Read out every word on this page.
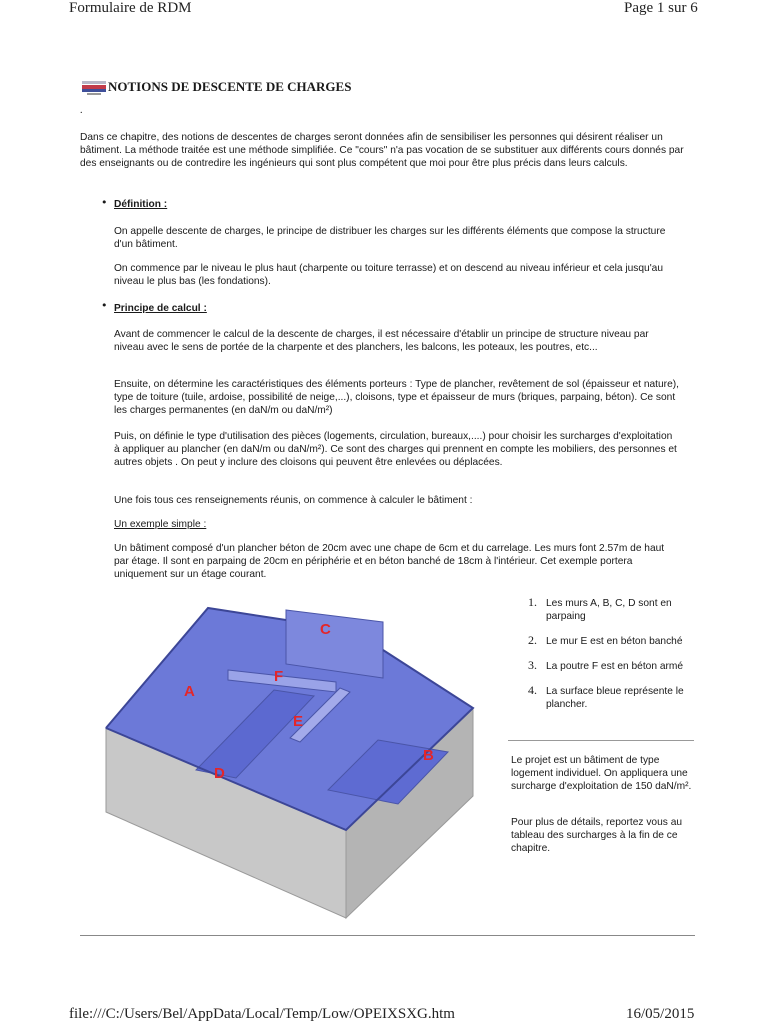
Formulaire de RDM	Page 1 sur 6
NOTIONS DE DESCENTE DE CHARGES
.
Dans ce chapitre, des notions de descentes de charges seront données afin de sensibiliser les personnes qui désirent réaliser un bâtiment. La méthode traitée est une méthode simplifiée. Ce "cours" n'a pas vocation de se substituer aux différents cours donnés par des enseignants ou de contredire les ingénieurs qui sont plus compétent que moi pour être plus précis dans leurs calculs.
• Définition :
On appelle descente de charges, le principe de distribuer les charges sur les différents éléments que compose la structure d'un bâtiment.
On commence par le niveau le plus haut (charpente ou toiture terrasse) et on descend au niveau inférieur et cela jusqu'au niveau le plus bas (les fondations).
• Principe de calcul :
Avant de commencer le calcul de la descente de charges, il est nécessaire d'établir un principe de structure niveau par niveau avec le sens de portée de la charpente et des planchers, les balcons, les poteaux, les poutres, etc...
Ensuite, on détermine les caractéristiques des éléments porteurs : Type de plancher, revêtement de sol (épaisseur et nature), type de toiture (tuile, ardoise, possibilité de neige,...), cloisons, type et épaisseur de murs (briques, parpaing, béton). Ce sont les charges permanentes (en daN/m ou daN/m²)
Puis, on définie le type d'utilisation des pièces (logements, circulation, bureaux,....) pour choisir les surcharges d'exploitation à appliquer au plancher (en daN/m ou daN/m²). Ce sont des charges qui prennent en compte les mobiliers, des personnes et autres objets . On peut y inclure des cloisons qui peuvent être enlevées ou déplacées.
Une fois tous ces renseignements réunis, on commence à calculer le bâtiment :
Un exemple simple :
Un bâtiment composé d'un plancher béton de 20cm avec une chape de 6cm et du carrelage. Les murs font 2.57m de haut par étage. Il sont en parpaing de 20cm en périphérie et en béton banché de 18cm à l'intérieur. Cet exemple portera uniquement sur un étage courant.
A
B
C
D
E
F
1. Les murs A, B, C, D sont en parpaing
2. Le mur E est en béton banché
3. La poutre F est en béton armé
4. La surface bleue représente le plancher.
Le projet est un bâtiment de type logement individuel. On appliquera une surcharge d'exploitation de 150 daN/m².
Pour plus de détails, reportez vous au tableau des surcharges à la fin de ce chapitre.
file:///C:/Users/Bel/AppData/Local/Temp/Low/OPEIXSXG.htm	16/05/2015
